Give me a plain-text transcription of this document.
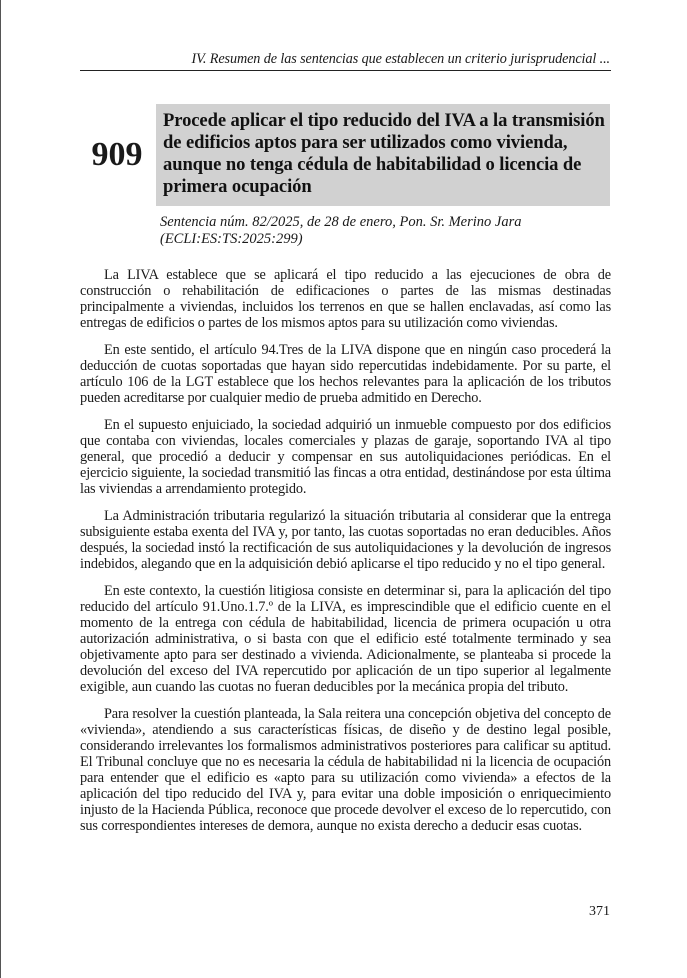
IV. Resumen de las sentencias que establecen un criterio jurisprudencial ...
909
Procede aplicar el tipo reducido del IVA a la transmisión de edificios aptos para ser utilizados como vivienda, aunque no tenga cédula de habitabilidad o licencia de primera ocupación

Sentencia núm. 82/2025, de 28 de enero, Pon. Sr. Merino Jara
(ECLI:ES:TS:2025:299)

La LIVA establece que se aplicará el tipo reducido a las ejecuciones de obra de construcción o rehabilitación de edificaciones o partes de las mismas destinadas principalmente a viviendas, incluidos los terrenos en que se hallen enclavadas, así como las entregas de edificios o partes de los mismos aptos para su utilización como viviendas.

En este sentido, el artículo 94.Tres de la LIVA dispone que en ningún caso procederá la deducción de cuotas soportadas que hayan sido repercutidas indebidamente. Por su parte, el artículo 106 de la LGT establece que los hechos relevantes para la aplicación de los tributos pueden acreditarse por cualquier medio de prueba admitido en Derecho.

En el supuesto enjuiciado, la sociedad adquirió un inmueble compuesto por dos edificios que contaba con viviendas, locales comerciales y plazas de garaje, soportando IVA al tipo general, que procedió a deducir y compensar en sus autoliquidaciones periódicas. En el ejercicio siguiente, la sociedad transmitió las fincas a otra entidad, destinándose por esta última las viviendas a arrendamiento protegido.

La Administración tributaria regularizó la situación tributaria al considerar que la entrega subsiguiente estaba exenta del IVA y, por tanto, las cuotas soportadas no eran deducibles. Años después, la sociedad instó la rectificación de sus autoliquidaciones y la devolución de ingresos indebidos, alegando que en la adquisición debió aplicarse el tipo reducido y no el tipo general.

En este contexto, la cuestión litigiosa consiste en determinar si, para la aplicación del tipo reducido del artículo 91.Uno.1.7.º de la LIVA, es imprescindible que el edificio cuente en el momento de la entrega con cédula de habitabilidad, licencia de primera ocupación u otra autorización administrativa, o si basta con que el edificio esté totalmente terminado y sea objetivamente apto para ser destinado a vivienda. Adicionalmente, se planteaba si procede la devolución del exceso del IVA repercutido por aplicación de un tipo superior al legalmente exigible, aun cuando las cuotas no fueran deducibles por la mecánica propia del tributo.

Para resolver la cuestión planteada, la Sala reitera una concepción objetiva del concepto de «vivienda», atendiendo a sus características físicas, de diseño y de destino legal posible, considerando irrelevantes los formalismos administrativos posteriores para calificar su aptitud. El Tribunal concluye que no es necesaria la cédula de habitabilidad ni la licencia de ocupación para entender que el edificio es «apto para su utilización como vivienda» a efectos de la aplicación del tipo reducido del IVA y, para evitar una doble imposición o enriquecimiento injusto de la Hacienda Pública, reconoce que procede devolver el exceso de lo repercutido, con sus correspondientes intereses de demora, aunque no exista derecho a deducir esas cuotas.

371
